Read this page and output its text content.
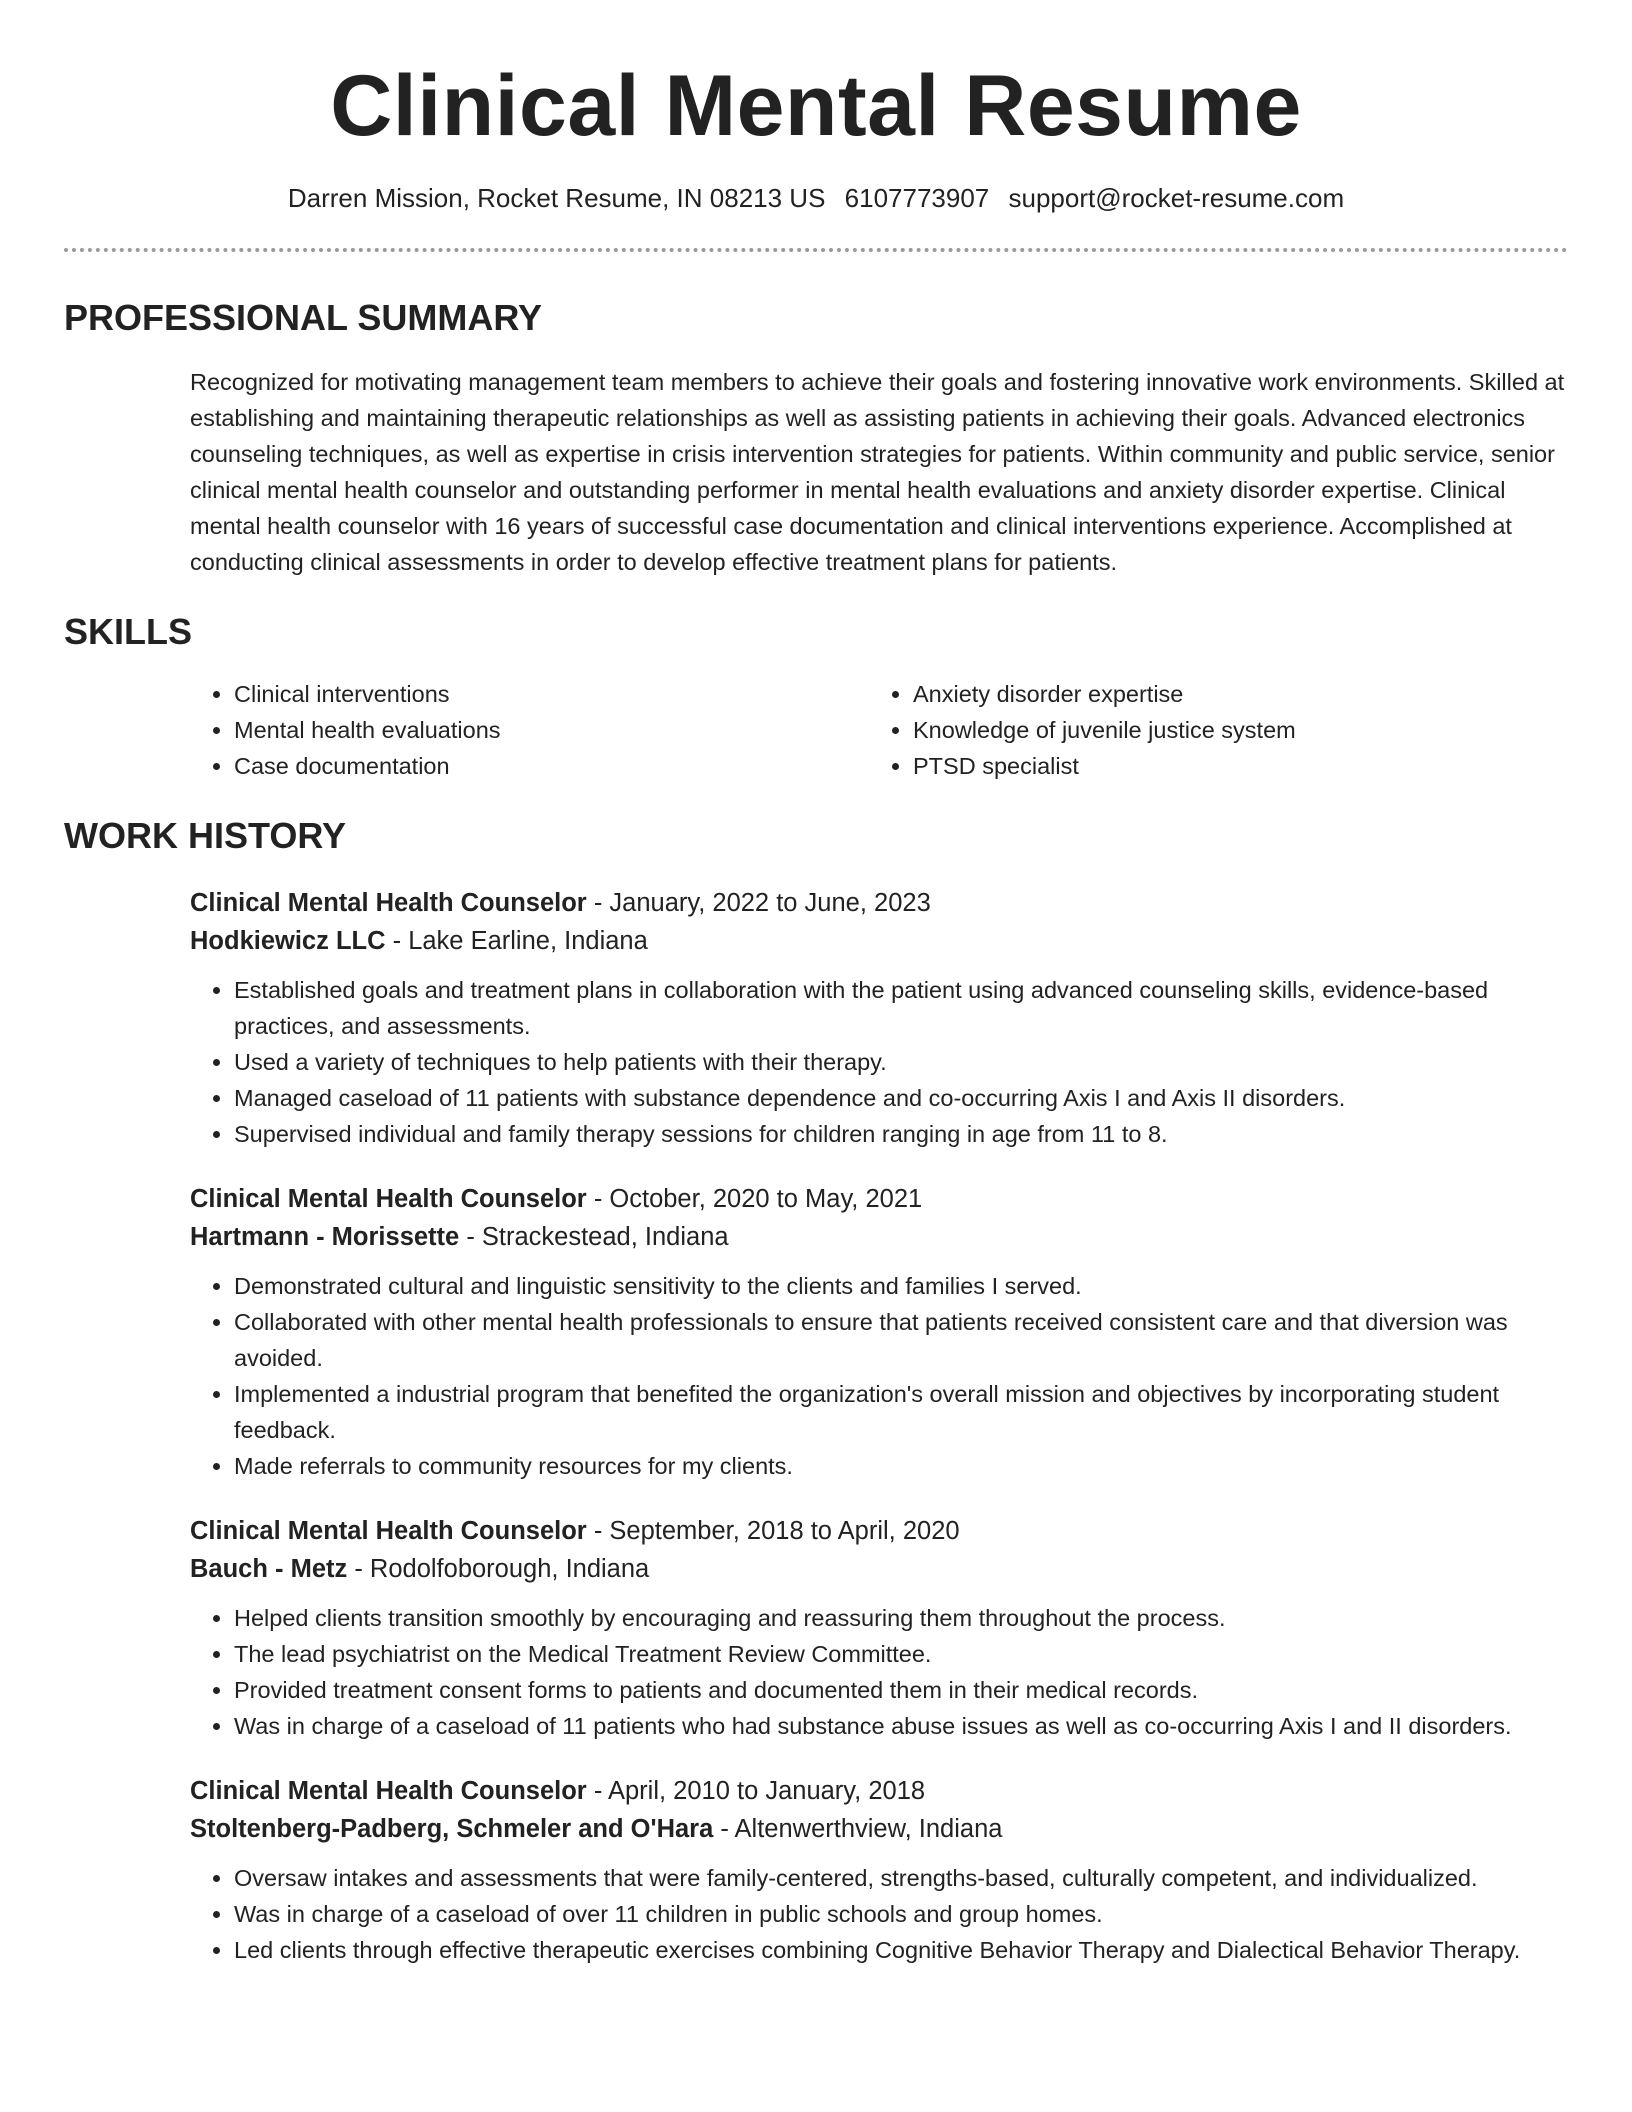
Clinical Mental Resume
Darren Mission, Rocket Resume, IN 08213 US 6107773907 support@rocket-resume.com
PROFESSIONAL SUMMARY
Recognized for motivating management team members to achieve their goals and fostering innovative work environments. Skilled at establishing and maintaining therapeutic relationships as well as assisting patients in achieving their goals. Advanced electronics counseling techniques, as well as expertise in crisis intervention strategies for patients. Within community and public service, senior clinical mental health counselor and outstanding performer in mental health evaluations and anxiety disorder expertise. Clinical mental health counselor with 16 years of successful case documentation and clinical interventions experience. Accomplished at conducting clinical assessments in order to develop effective treatment plans for patients.
SKILLS
• Clinical interventions
• Mental health evaluations
• Case documentation
• Anxiety disorder expertise
• Knowledge of juvenile justice system
• PTSD specialist
WORK HISTORY
Clinical Mental Health Counselor - January, 2022 to June, 2023
Hodkiewicz LLC - Lake Earline, Indiana
• Established goals and treatment plans in collaboration with the patient using advanced counseling skills, evidence-based practices, and assessments.
• Used a variety of techniques to help patients with their therapy.
• Managed caseload of 11 patients with substance dependence and co-occurring Axis I and Axis II disorders.
• Supervised individual and family therapy sessions for children ranging in age from 11 to 8.
Clinical Mental Health Counselor - October, 2020 to May, 2021
Hartmann - Morissette - Strackestead, Indiana
• Demonstrated cultural and linguistic sensitivity to the clients and families I served.
• Collaborated with other mental health professionals to ensure that patients received consistent care and that diversion was avoided.
• Implemented a industrial program that benefited the organization's overall mission and objectives by incorporating student feedback.
• Made referrals to community resources for my clients.
Clinical Mental Health Counselor - September, 2018 to April, 2020
Bauch - Metz - Rodolfoborough, Indiana
• Helped clients transition smoothly by encouraging and reassuring them throughout the process.
• The lead psychiatrist on the Medical Treatment Review Committee.
• Provided treatment consent forms to patients and documented them in their medical records.
• Was in charge of a caseload of 11 patients who had substance abuse issues as well as co-occurring Axis I and II disorders.
Clinical Mental Health Counselor - April, 2010 to January, 2018
Stoltenberg-Padberg, Schmeler and O'Hara - Altenwerthview, Indiana
• Oversaw intakes and assessments that were family-centered, strengths-based, culturally competent, and individualized.
• Was in charge of a caseload of over 11 children in public schools and group homes.
• Led clients through effective therapeutic exercises combining Cognitive Behavior Therapy and Dialectical Behavior Therapy.
